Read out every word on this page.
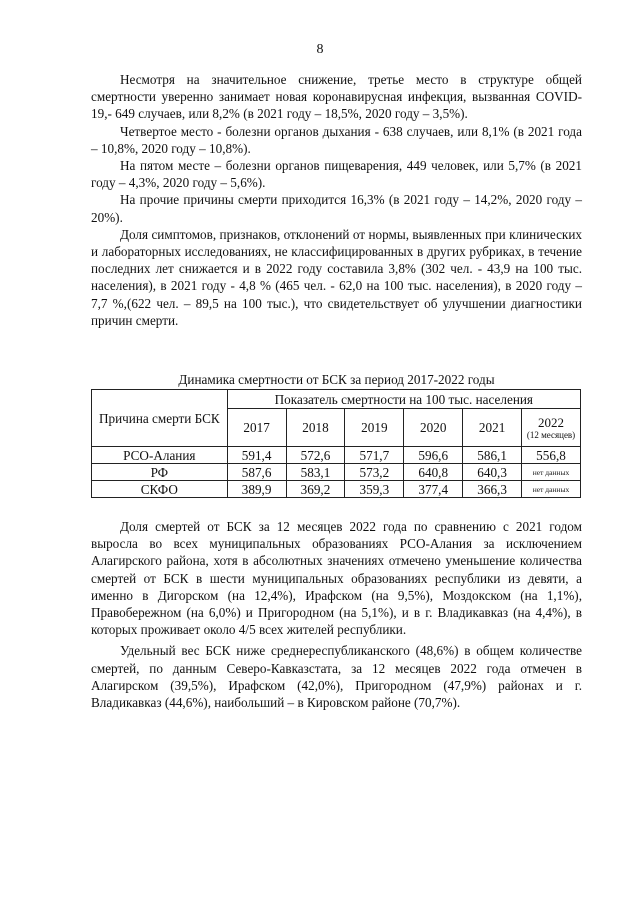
8

Несмотря на значительное снижение, третье место в структуре общей смертности уверенно занимает новая коронавирусная инфекция, вызванная COVID-19,- 649 случаев, или 8,2% (в 2021 году – 18,5%, 2020 году – 3,5%).

Четвертое место - болезни органов дыхания - 638 случаев, или 8,1% (в 2021 года – 10,8%, 2020 году – 10,8%).

На пятом месте – болезни органов пищеварения, 449 человек, или 5,7% (в 2021 году – 4,3%, 2020 году – 5,6%).

На прочие причины смерти приходится 16,3% (в 2021 году – 14,2%, 2020 году – 20%).

Доля симптомов, признаков, отклонений от нормы, выявленных при клинических и лабораторных исследованиях, не классифицированных в других рубриках, в течение последних лет снижается и в 2022 году составила 3,8% (302 чел. - 43,9 на 100 тыс. населения), в 2021 году - 4,8 % (465 чел. - 62,0 на 100 тыс. населения), в 2020 году – 7,7 %,(622 чел. – 89,5 на 100 тыс.), что свидетельствует об улучшении диагностики причин смерти.

Динамика смертности от БСК за период 2017-2022 годы
Причина смерти БСК	Показатель смертности на 100 тыс. населения					
	2017	2018	2019	2020	2021	2022
(12 месяцев)

РСО-Алания	591,4	572,6	571,7	596,6	586,1	556,8
РФ	587,6	583,1	573,2	640,8	640,3	нет данных
СКФО	389,9	369,2	359,3	377,4	366,3	нет данных

Доля смертей от БСК за 12 месяцев 2022 года по сравнению с 2021 годом выросла во всех муниципальных образованиях РСО-Алания за исключением Алагирского района, хотя в абсолютных значениях отмечено уменьшение количества смертей от БСК в шести муниципальных образованиях республики из девяти, а именно в Дигорском (на 12,4%), Ирафском (на 9,5%), Моздокском (на 1,1%), Правобережном (на 6,0%) и Пригородном (на 5,1%), и в г. Владикавказ (на 4,4%), в которых проживает около 4/5 всех жителей республики.

Удельный вес БСК ниже среднереспубликанского (48,6%) в общем количестве смертей, по данным Северо-Кавказстата, за 12 месяцев 2022 года отмечен в Алагирском (39,5%), Ирафском (42,0%), Пригородном (47,9%) районах и г. Владикавказ (44,6%), наибольший – в Кировском районе (70,7%).
